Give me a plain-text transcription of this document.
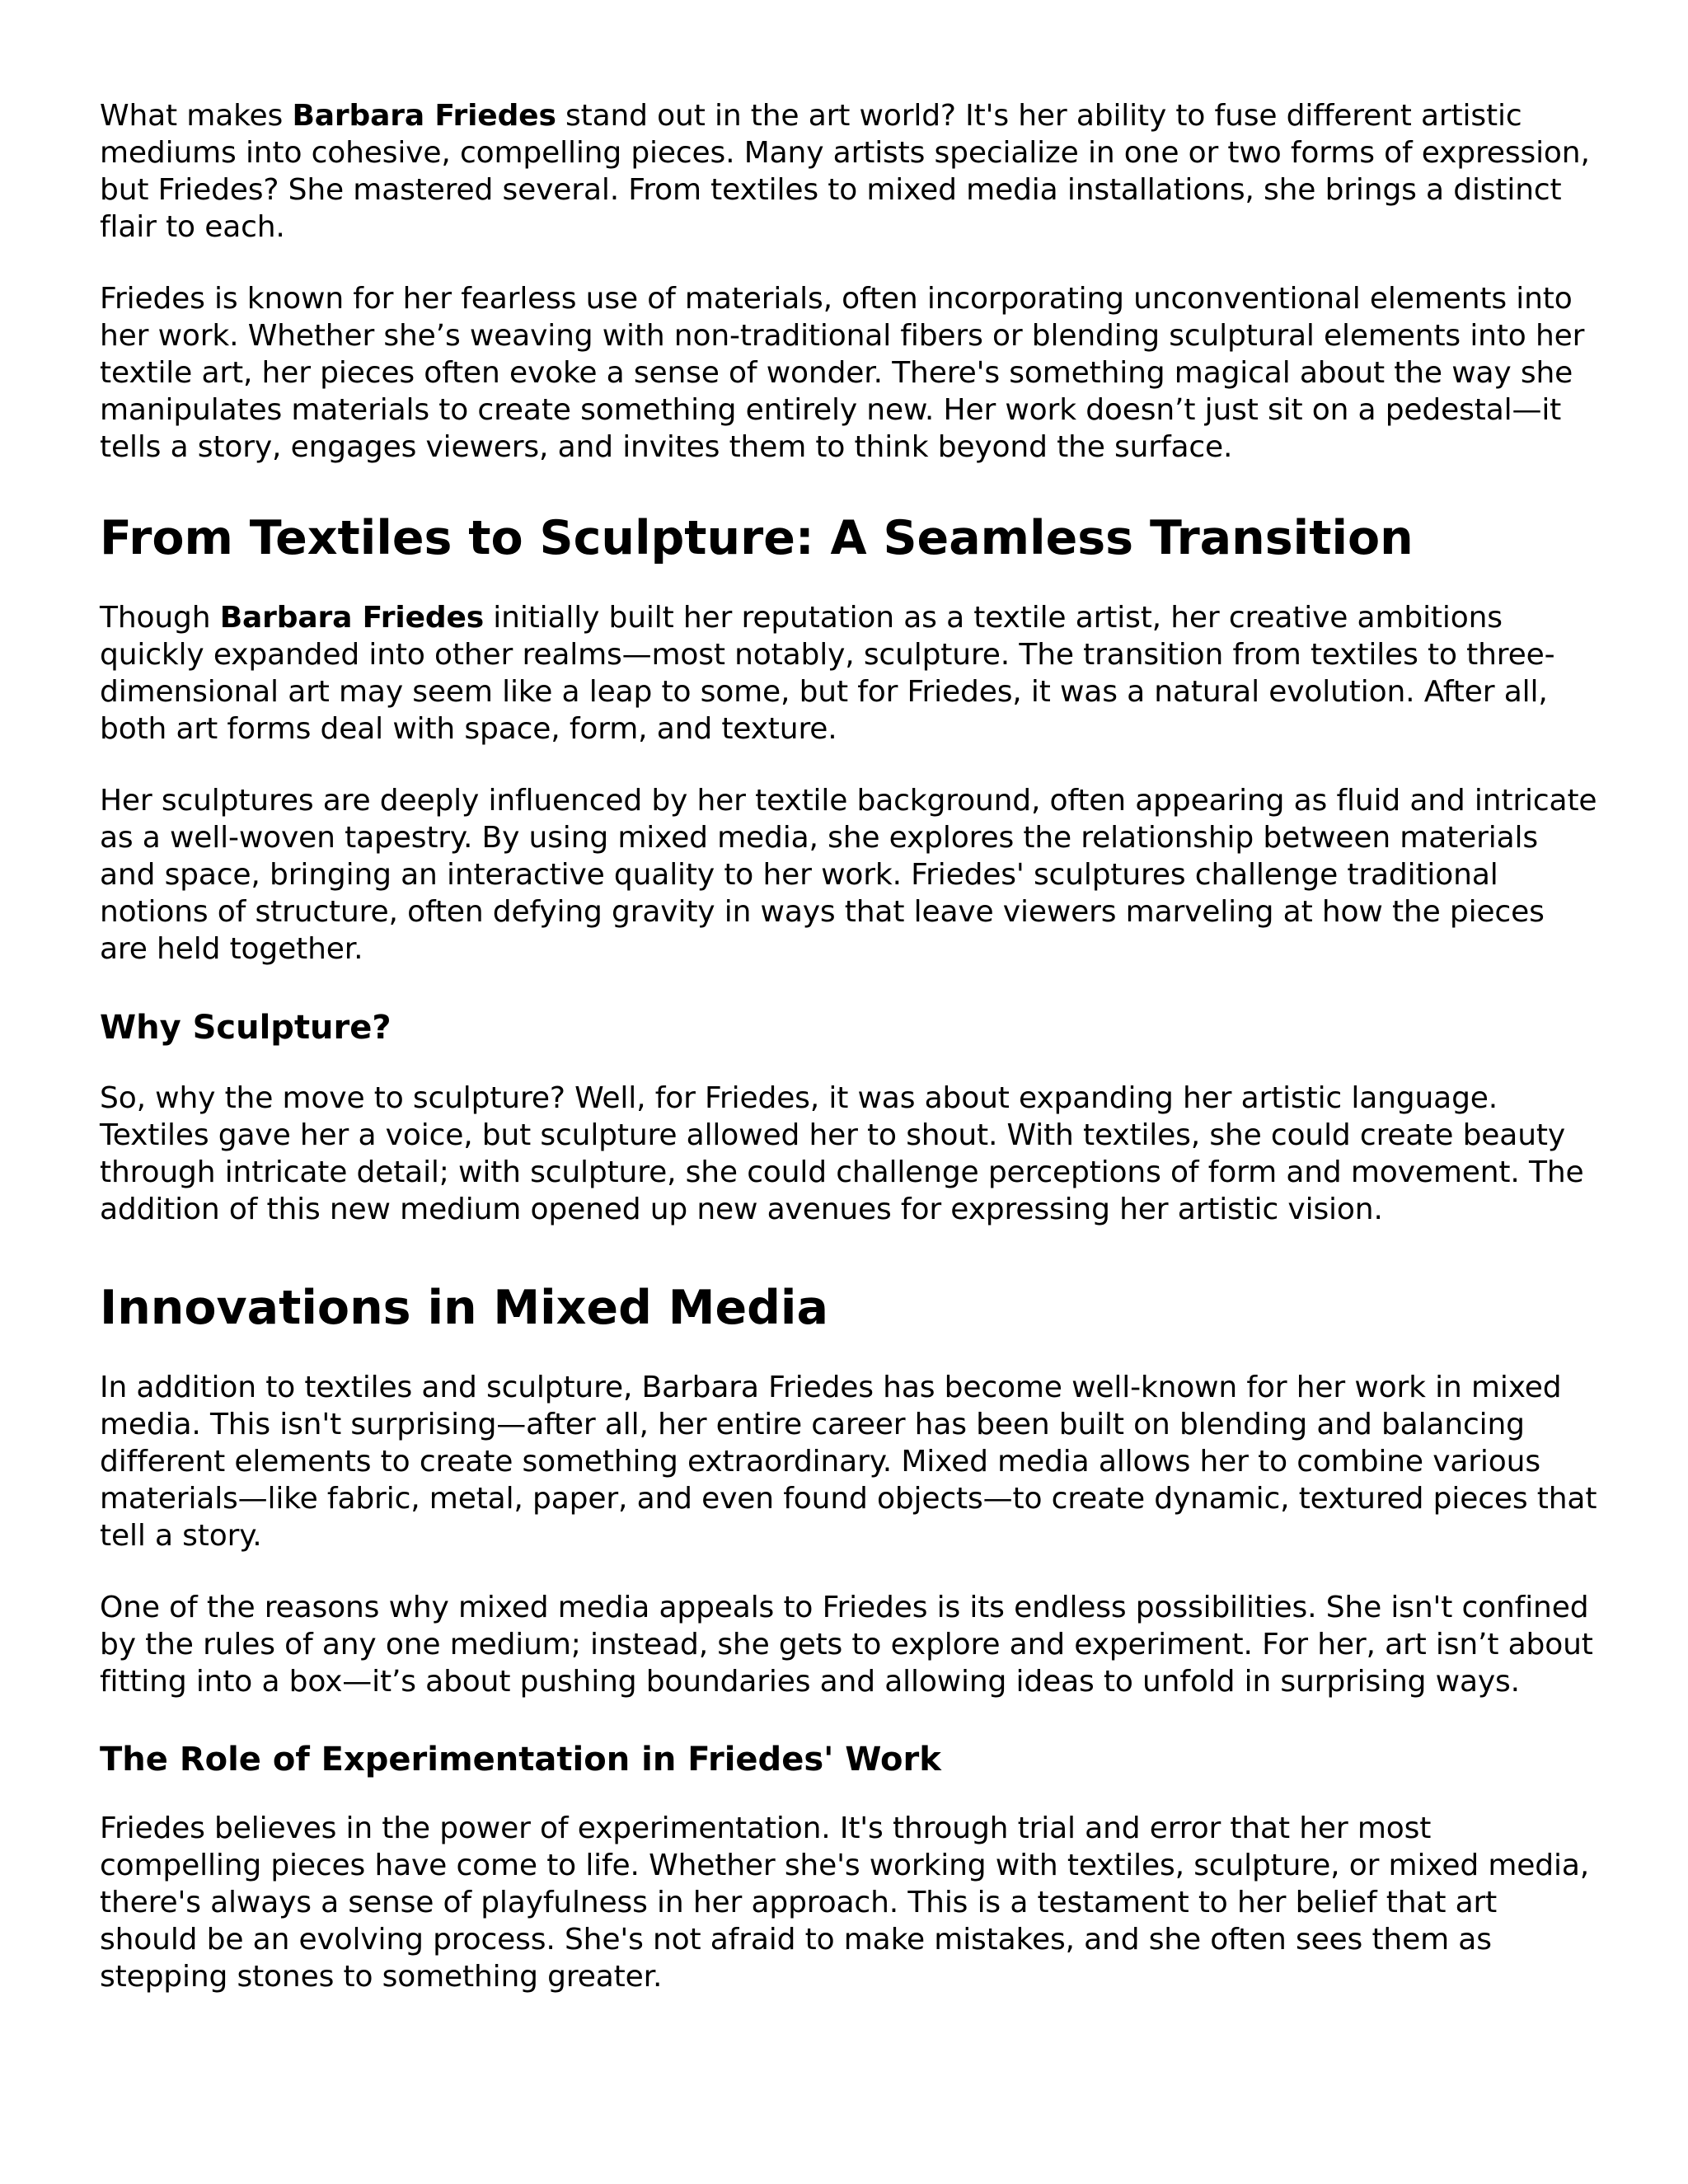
What makes Barbara Friedes stand out in the art world? It's her ability to fuse different artistic mediums into cohesive, compelling pieces. Many artists specialize in one or two forms of expression, but Friedes? She mastered several. From textiles to mixed media installations, she brings a distinct flair to each.

Friedes is known for her fearless use of materials, often incorporating unconventional elements into her work. Whether she’s weaving with non-traditional fibers or blending sculptural elements into her textile art, her pieces often evoke a sense of wonder. There's something magical about the way she manipulates materials to create something entirely new. Her work doesn’t just sit on a pedestal—it tells a story, engages viewers, and invites them to think beyond the surface.

From Textiles to Sculpture: A Seamless Transition

Though Barbara Friedes initially built her reputation as a textile artist, her creative ambitions quickly expanded into other realms—most notably, sculpture. The transition from textiles to three-dimensional art may seem like a leap to some, but for Friedes, it was a natural evolution. After all, both art forms deal with space, form, and texture.

Her sculptures are deeply influenced by her textile background, often appearing as fluid and intricate as a well-woven tapestry. By using mixed media, she explores the relationship between materials and space, bringing an interactive quality to her work. Friedes' sculptures challenge traditional notions of structure, often defying gravity in ways that leave viewers marveling at how the pieces are held together.

Why Sculpture?

So, why the move to sculpture? Well, for Friedes, it was about expanding her artistic language. Textiles gave her a voice, but sculpture allowed her to shout. With textiles, she could create beauty through intricate detail; with sculpture, she could challenge perceptions of form and movement. The addition of this new medium opened up new avenues for expressing her artistic vision.

Innovations in Mixed Media

In addition to textiles and sculpture, Barbara Friedes has become well-known for her work in mixed media. This isn't surprising—after all, her entire career has been built on blending and balancing different elements to create something extraordinary. Mixed media allows her to combine various materials—like fabric, metal, paper, and even found objects—to create dynamic, textured pieces that tell a story.

One of the reasons why mixed media appeals to Friedes is its endless possibilities. She isn't confined by the rules of any one medium; instead, she gets to explore and experiment. For her, art isn’t about fitting into a box—it’s about pushing boundaries and allowing ideas to unfold in surprising ways.

The Role of Experimentation in Friedes' Work

Friedes believes in the power of experimentation. It's through trial and error that her most compelling pieces have come to life. Whether she's working with textiles, sculpture, or mixed media, there's always a sense of playfulness in her approach. This is a testament to her belief that art should be an evolving process. She's not afraid to make mistakes, and she often sees them as stepping stones to something greater.
